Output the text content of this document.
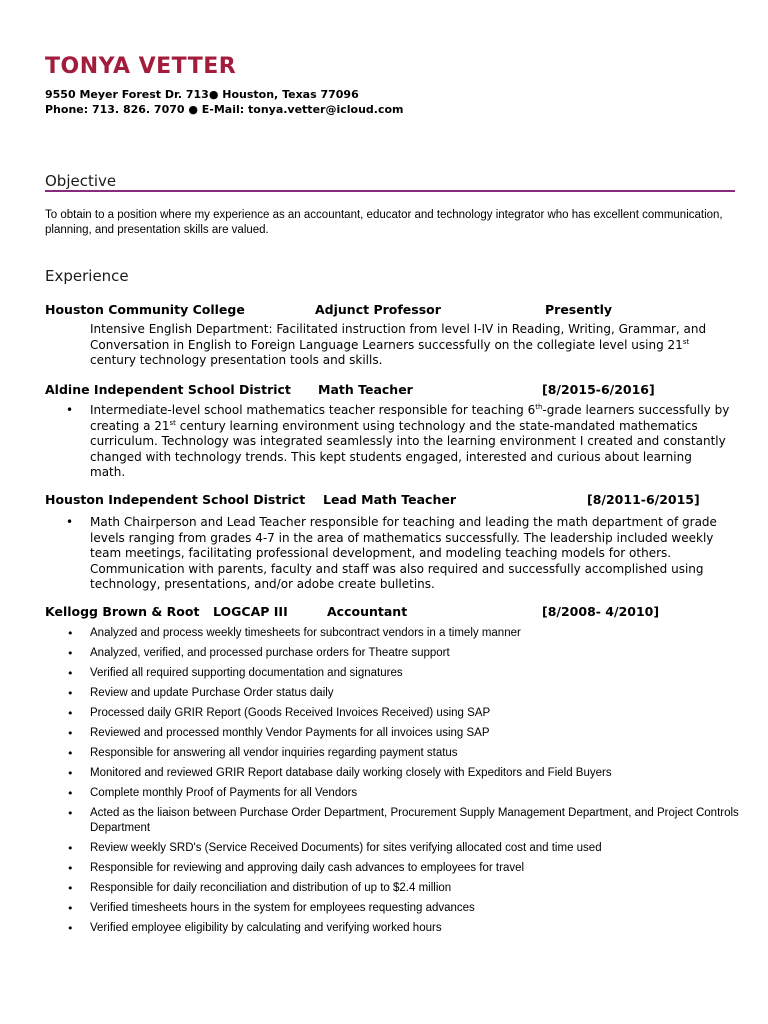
TONYA VETTER
9550 Meyer Forest Dr. 713● Houston, Texas 77096
Phone: 713. 826. 7070 ● E-Mail: tonya.vetter@icloud.com
Objective
To obtain to a position where my experience as an accountant, educator and technology integrator who has excellent communication, planning, and presentation skills are valued.
Experience
Houston Community College	Adjunct Professor	Presently
Intensive English Department: Facilitated instruction from level I-IV in Reading, Writing, Grammar, and Conversation in English to Foreign Language Learners successfully on the collegiate level using 21st century technology presentation tools and skills.
Aldine Independent School District Math Teacher	[8/2015-6/2016]
• Intermediate-level school mathematics teacher responsible for teaching 6th-grade learners successfully by creating a 21st century learning environment using technology and the state-mandated mathematics curriculum. Technology was integrated seamlessly into the learning environment I created and constantly changed with technology trends. This kept students engaged, interested and curious about learning math.
Houston Independent School District Lead Math Teacher	[8/2011-6/2015]
• Math Chairperson and Lead Teacher responsible for teaching and leading the math department of grade levels ranging from grades 4-7 in the area of mathematics successfully. The leadership included weekly team meetings, facilitating professional development, and modeling teaching models for others. Communication with parents, faculty and staff was also required and successfully accomplished using technology, presentations, and/or adobe create bulletins.
Kellogg Brown & Root LOGCAP III	Accountant	[8/2008- 4/2010]
• Analyzed and process weekly timesheets for subcontract vendors in a timely manner
• Analyzed, verified, and processed purchase orders for Theatre support
• Verified all required supporting documentation and signatures
• Review and update Purchase Order status daily
• Processed daily GRIR Report (Goods Received Invoices Received) using SAP
• Reviewed and processed monthly Vendor Payments for all invoices using SAP
• Responsible for answering all vendor inquiries regarding payment status
• Monitored and reviewed GRIR Report database daily working closely with Expeditors and Field Buyers
• Complete monthly Proof of Payments for all Vendors
• Acted as the liaison between Purchase Order Department, Procurement Supply Management Department, and Project Controls Department
• Review weekly SRD's (Service Received Documents) for sites verifying allocated cost and time used
• Responsible for reviewing and approving daily cash advances to employees for travel
• Responsible for daily reconciliation and distribution of up to $2.4 million
• Verified timesheets hours in the system for employees requesting advances
• Verified employee eligibility by calculating and verifying worked hours
